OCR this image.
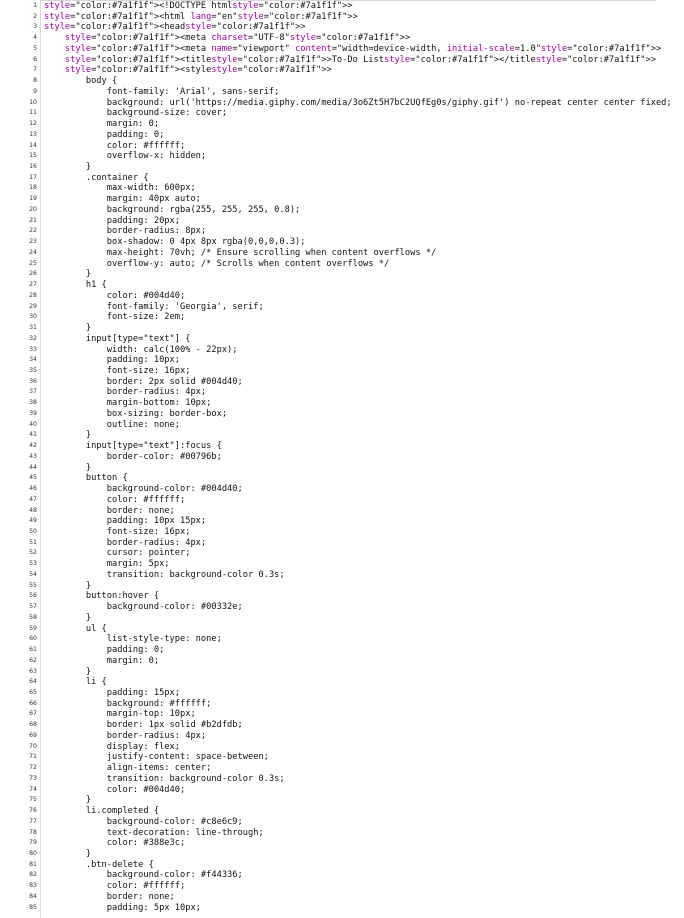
1 style="color:#7a1f1f"><!DOCTYPE htmlstyle="color:#7a1f1f">>
2 style="color:#7a1f1f"><html lang="en"style="color:#7a1f1f">>
3 style="color:#7a1f1f"><headstyle="color:#7a1f1f">>
4	style="color:#7a1f1f"><meta charset="UTF-8"style="color:#7a1f1f">>
5	style="color:#7a1f1f"><meta name="viewport" content="width=device-width, initial-scale=1.0"style="color:#7a1f1f">>
6	style="color:#7a1f1f"><titlestyle="color:#7a1f1f">>To-Do Liststyle="color:#7a1f1f"></titlestyle="color:#7a1f1f">>
7	style="color:#7a1f1f"><stylestyle="color:#7a1f1f">>
8 body {
9 font-family: 'Arial', sans-serif;
10 background: url('https://media.giphy.com/media/3o6Zt5H7bC2UQfEg0s/giphy.gif') no-repeat center center fixed;
11 background-size: cover;
12 margin: 0;
13 padding: 0;
14 color: #ffffff;
15 overflow-x: hidden;
16 }
17 .container {
18 max-width: 600px;
19 margin: 40px auto;
20 background: rgba(255, 255, 255, 0.8);
21 padding: 20px;
22 border-radius: 8px;
23 box-shadow: 0 4px 8px rgba(0,0,0,0.3);
24 max-height: 70vh; /* Ensure scrolling when content overflows */
25 overflow-y: auto; /* Scrolls when content overflows */
26 }
27 h1 {
28 color: #004d40;
29 font-family: 'Georgia', serif;
30 font-size: 2em;
31 }
32 input[type="text"] {
33 width: calc(100% - 22px);
34 padding: 10px;
35 font-size: 16px;
36 border: 2px solid #004d40;
37 border-radius: 4px;
38 margin-bottom: 10px;
39 box-sizing: border-box;
40 outline: none;
41 }
42 input[type="text"]:focus {
43 border-color: #00796b;
44 }
45 button {
46 background-color: #004d40;
47 color: #ffffff;
48 border: none;
49 padding: 10px 15px;
50 font-size: 16px;
51 border-radius: 4px;
52 cursor: pointer;
53 margin: 5px;
54 transition: background-color 0.3s;
55 }
56 button:hover {
57 background-color: #00332e;
58 }
59 ul {
60 list-style-type: none;
61 padding: 0;
62 margin: 0;
63 }
64 li {
65 padding: 15px;
66 background: #ffffff;
67 margin-top: 10px;
68 border: 1px solid #b2dfdb;
69 border-radius: 4px;
70 display: flex;
71 justify-content: space-between;
72 align-items: center;
73 transition: background-color 0.3s;
74 color: #004d40;
75 }
76 li.completed {
77 background-color: #c8e6c9;
78 text-decoration: line-through;
79 color: #388e3c;
80 }
81 .btn-delete {
82 background-color: #f44336;
83 color: #ffffff;
84 border: none;
85 padding: 5px 10px;
